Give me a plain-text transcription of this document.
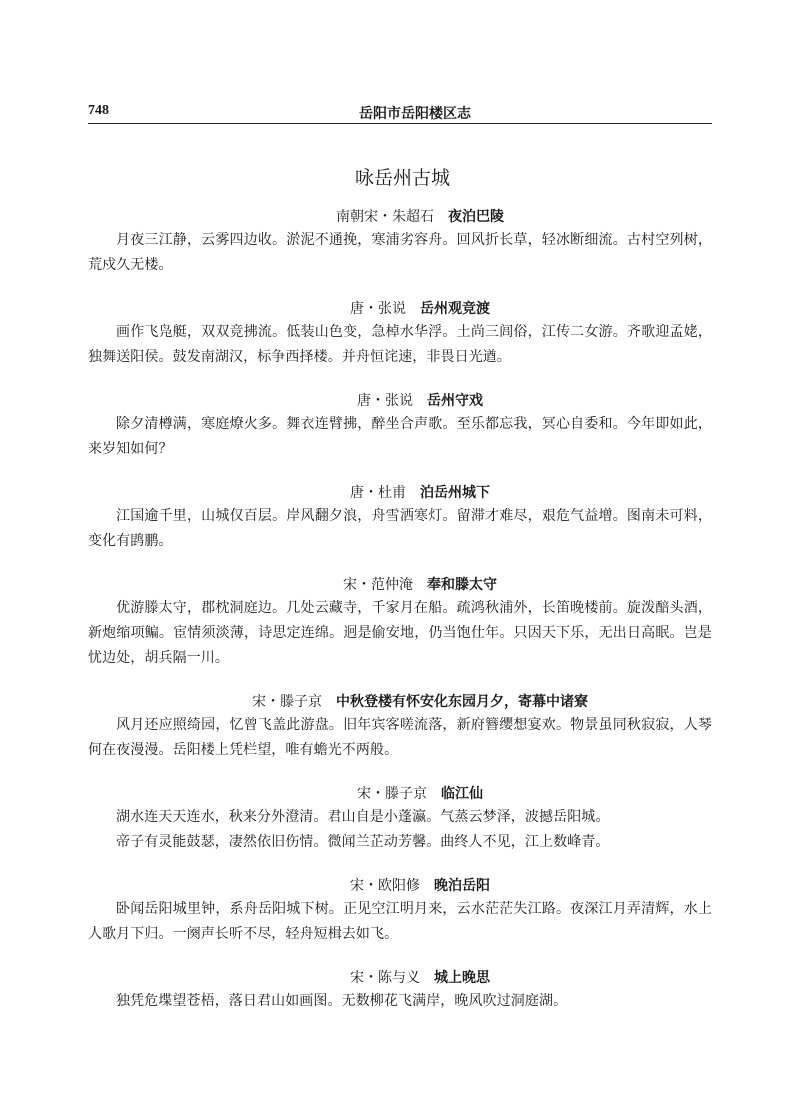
748	岳阳市岳阳楼区志
咏岳州古城
南朝宋・朱超石 夜泊巴陵

月夜三江静，云雾四边收。淤泥不通挽，寒浦劣容舟。回风折长草，轻冰断细流。古村空列树，荒戍久无楼。

唐・张说 岳州观竞渡

画作飞凫艇，双双竞拂流。低装山色变，急棹水华浮。土尚三闾俗，江传二女游。齐歌迎孟姥，独舞送阳侯。鼓发南湖汉，标争西择楼。并舟恒诧速，非畏日光遒。

唐・张说 岳州守戏

除夕清樽满，寒庭燎火多。舞衣连臂拂，醉坐合声歌。至乐都忘我，冥心自委和。今年即如此，来岁知如何？

唐・杜甫 泊岳州城下

江国逾千里，山城仅百层。岸风翻夕浪，舟雪洒寒灯。留滞才难尽，艰危气益增。图南未可料，变化有鹍鹏。

宋・范仲淹 奉和滕太守

优游滕太守，郡枕洞庭边。几处云藏寺，千家月在船。疏鸿秋浦外，长笛晚楼前。旋泼醅头酒，新炮缩项鳊。宦情须淡薄，诗思定连绵。迥是偷安地，仍当饱仕年。只因天下乐，无出日高眠。岂是忧边处，胡兵隔一川。

宋・滕子京 中秋登楼有怀安化东园月夕，寄幕中诸寮

风月还应照绮园，忆曾飞盖此游盘。旧年宾客嗟流落，新府簪缨想宴欢。物景虽同秋寂寂，人琴何在夜漫漫。岳阳楼上凭栏望，唯有蟾光不两般。

宋・滕子京 临江仙

湖水连天天连水，秋来分外澄清。君山自是小蓬瀛。气蒸云梦泽，波撼岳阳城。

帝子有灵能鼓瑟，凄然依旧伤情。微闻兰芷动芳馨。曲终人不见，江上数峰青。

宋・欧阳修 晚泊岳阳

卧闻岳阳城里钟，系舟岳阳城下树。正见空江明月来，云水茫茫失江路。夜深江月弄清辉，水上人歌月下归。一阕声长听不尽，轻舟短楫去如飞。

宋・陈与义 城上晚思

独凭危堞望苍梧，落日君山如画图。无数柳花飞满岸，晚风吹过洞庭湖。
